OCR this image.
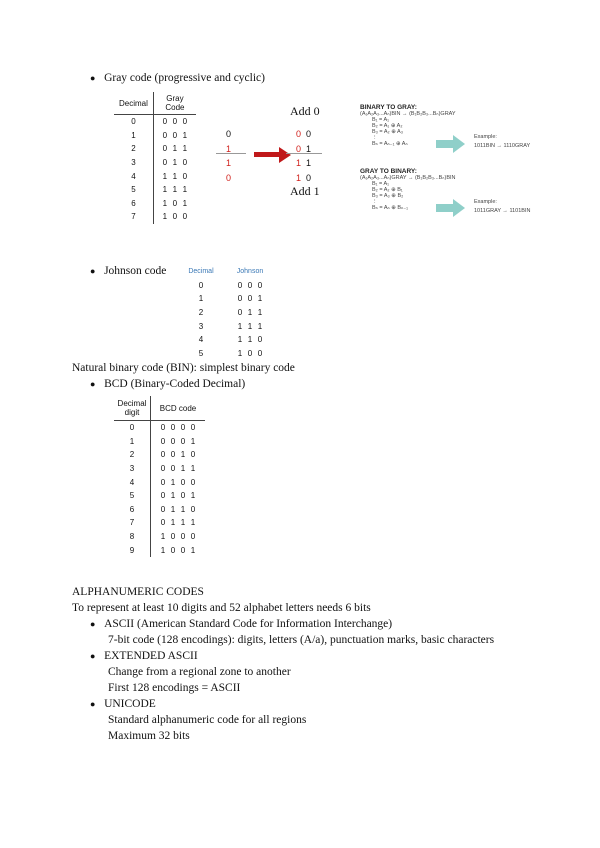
● Gray code (progressive and cyclic)
Decimal	Gray Code
0	0 0 0
1	0 0 1
2	0 1 1
3	0 1 0
4	1 1 0
5	1 1 1
6	1 0 1
7	1 0 0
Add 0
Add 1
0
1
1
0
0 0
0 1
1 1
1 0
BINARY TO GRAY:
(A₁A₂A₃...Aₙ)BIN → (B₁B₂B₃...Bₙ)GRAY
B₁ = A₁
B₂ = A₁ ⊕ A₂
B₃ = A₂ ⊕ A₃
⋮
Bₙ = Aₙ₋₁ ⊕ Aₙ
Example:
1011BIN → 1110GRAY
GRAY TO BINARY:
(A₁A₂A₃...Aₙ)GRAY → (B₁B₂B₃...Bₙ)BIN
B₁ = A₁
B₂ = A₂ ⊕ B₁
B₃ = A₃ ⊕ B₂
⋮
Bₙ = Aₙ ⊕ Bₙ₋₁
Example:
1011GRAY → 1101BIN
● Johnson code	Decimal	Johnson
0	0 0 0
1	0 0 1
2	0 1 1
3	1 1 1
4	1 1 0
5	1 0 0
Natural binary code (BIN): simplest binary code
● BCD (Binary-Coded Decimal)
Decimal digit	BCD code
0	0 0 0 0
1	0 0 0 1
2	0 0 1 0
3	0 0 1 1
4	0 1 0 0
5	0 1 0 1
6	0 1 1 0
7	0 1 1 1
8	1 0 0 0
9	1 0 0 1
ALPHANUMERIC CODES
To represent at least 10 digits and 52 alphabet letters needs 6 bits
● ASCII (American Standard Code for Information Interchange)
7-bit code (128 encodings): digits, letters (A/a), punctuation marks, basic characters
● EXTENDED ASCII
Change from a regional zone to another
First 128 encodings = ASCII
● UNICODE
Standard alphanumeric code for all regions
Maximum 32 bits
